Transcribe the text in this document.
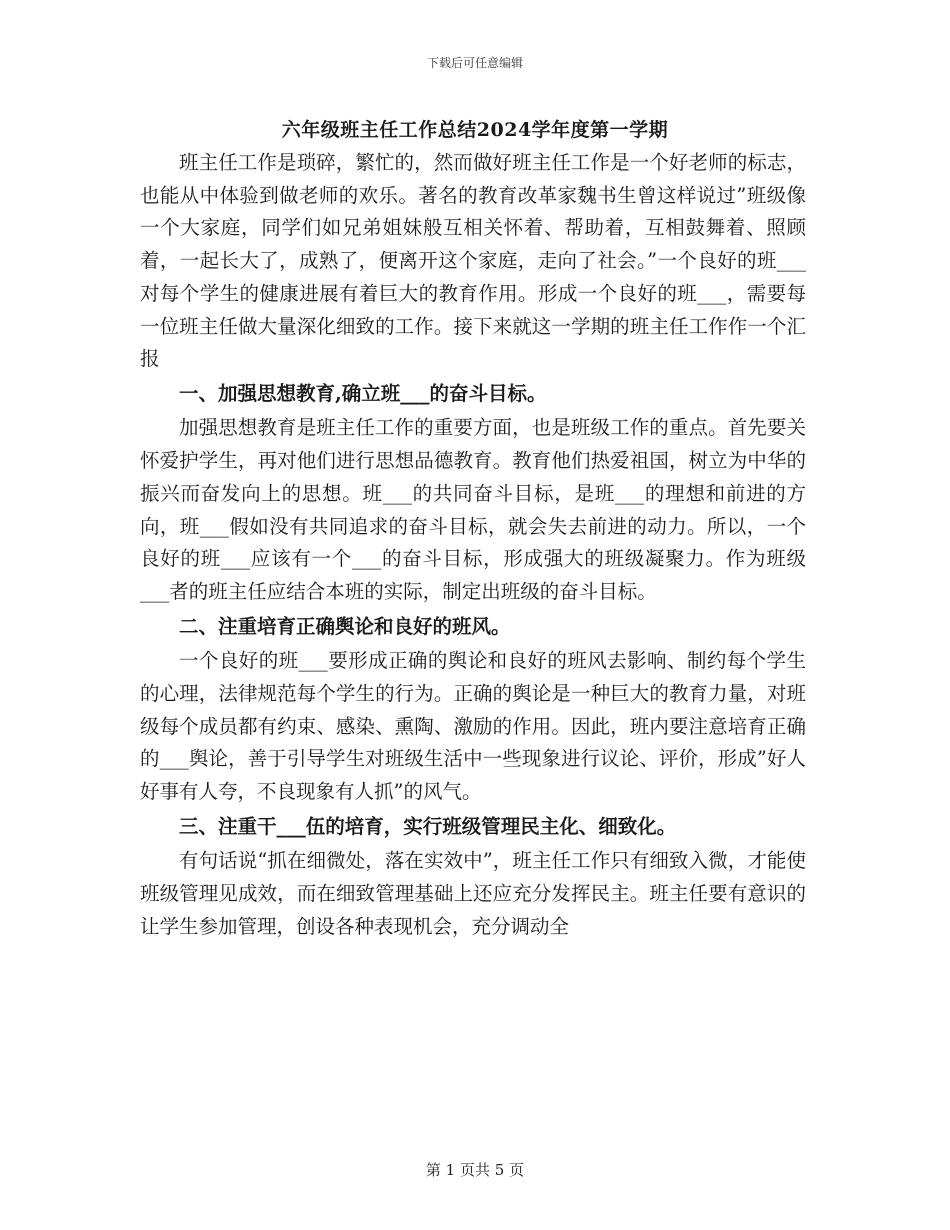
下载后可任意编辑
六年级班主任工作总结2024学年度第一学期

班主任工作是琐碎，繁忙的，然而做好班主任工作是一个好老师的标志，也能从中体验到做老师的欢乐。著名的教育改革家魏书生曾这样说过”班级像一个大家庭，同学们如兄弟姐妹般互相关怀着、帮助着，互相鼓舞着、照顾着，一起长大了，成熟了，便离开这个家庭，走向了社会。”一个良好的班___对每个学生的健康进展有着巨大的教育作用。形成一个良好的班___，需要每一位班主任做大量深化细致的工作。接下来就这一学期的班主任工作作一个汇报

一、加强思想教育,确立班___的奋斗目标。

加强思想教育是班主任工作的重要方面，也是班级工作的重点。首先要关怀爱护学生，再对他们进行思想品德教育。教育他们热爱祖国，树立为中华的振兴而奋发向上的思想。班___的共同奋斗目标，是班___的理想和前进的方向，班___假如没有共同追求的奋斗目标，就会失去前进的动力。所以，一个良好的班___应该有一个___的奋斗目标，形成强大的班级凝聚力。作为班级___者的班主任应结合本班的实际，制定出班级的奋斗目标。

二、注重培育正确舆论和良好的班风。

一个良好的班___要形成正确的舆论和良好的班风去影响、制约每个学生的心理，法律规范每个学生的行为。正确的舆论是一种巨大的教育力量，对班级每个成员都有约束、感染、熏陶、激励的作用。因此，班内要注意培育正确的___舆论，善于引导学生对班级生活中一些现象进行议论、评价，形成”好人好事有人夸，不良现象有人抓”的风气。

三、注重干___伍的培育，实行班级管理民主化、细致化。

有句话说“抓在细微处，落在实效中”，班主任工作只有细致入微，才能使班级管理见成效，而在细致管理基础上还应充分发挥民主。班主任要有意识的让学生参加管理，创设各种表现机会，充分调动全

第 1 页共 5 页
